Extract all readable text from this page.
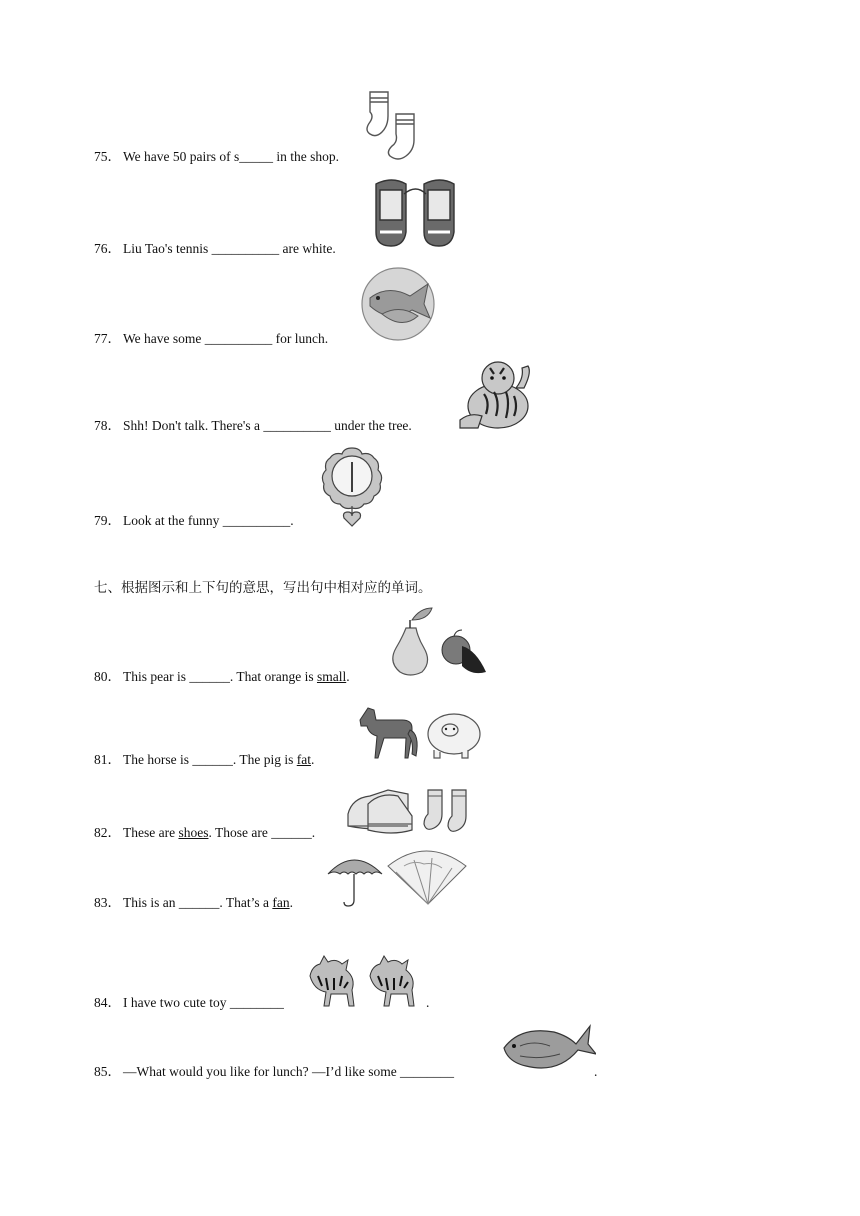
75． We have 50 pairs of s_____ in the shop.
76． Liu Tao's tennis __________ are white.
77． We have some __________ for lunch.
78． Shh! Don't talk. There's a __________ under the tree.
79． Look at the funny __________.
七、根据图示和上下句的意思，写出句中相对应的单词。
80． This pear is ______. That orange is small.
81． The horse is ______. The pig is fat.
82． These are shoes. Those are ______.
83． This is an ______. That’s a fan.
84． I have two cute toy ________	.
85． —What would you like for lunch? —I’d like some ________	.
